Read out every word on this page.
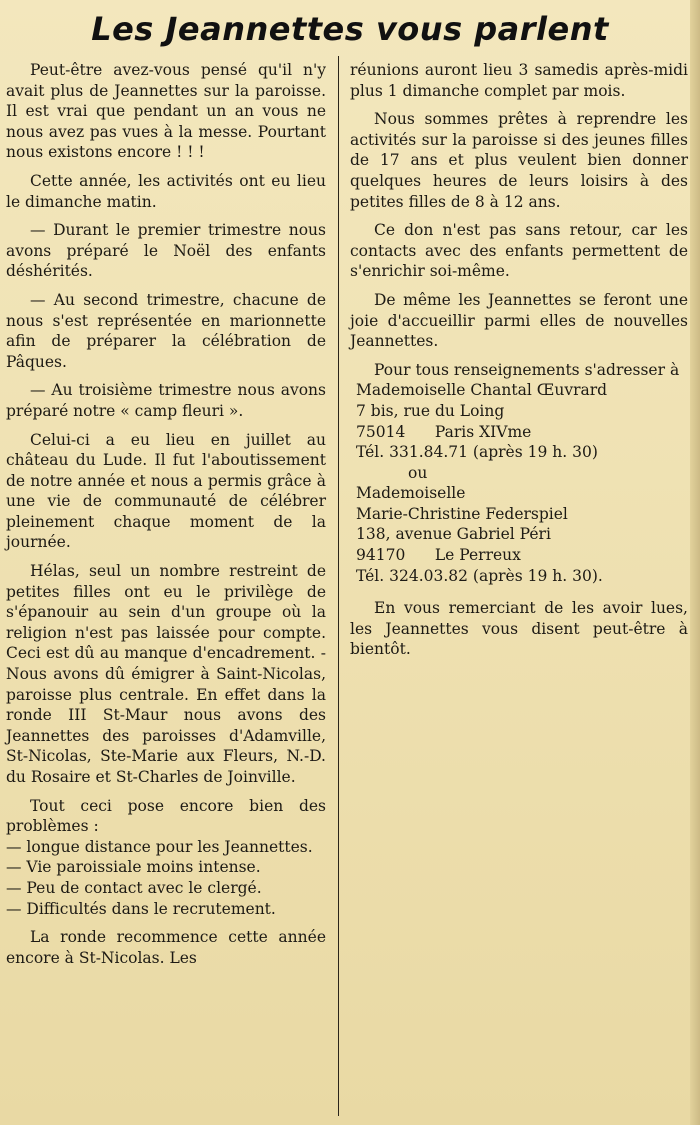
Les Jeannettes vous parlent

Peut-être avez-vous pensé qu'il n'y avait plus de Jeannettes sur la paroisse. Il est vrai que pendant un an vous ne nous avez pas vues à la messe. Pourtant nous existons encore ! ! !

Cette année, les activités ont eu lieu le dimanche matin.

— Durant le premier trimestre nous avons préparé le Noël des enfants déshérités.

— Au second trimestre, chacune de nous s'est représentée en marionnette afin de préparer la célébration de Pâques.

— Au troisième trimestre nous avons préparé notre « camp fleuri ».

Celui-ci a eu lieu en juillet au château du Lude. Il fut l'aboutissement de notre année et nous a permis grâce à une vie de communauté de célébrer pleinement chaque moment de la journée.

Hélas, seul un nombre restreint de petites filles ont eu le privilège de s'épanouir au sein d'un groupe où la religion n'est pas laissée pour compte. Ceci est dû au manque d'encadrement. - Nous avons dû émigrer à Saint-Nicolas, paroisse plus centrale. En effet dans la ronde III St-Maur nous avons des Jeannettes des paroisses d'Adamville, St-Nicolas, Ste-Marie aux Fleurs, N.-D. du Rosaire et St-Charles de Joinville.

Tout ceci pose encore bien des problèmes :

— longue distance pour les Jeannettes.
— Vie paroissiale moins intense.
— Peu de contact avec le clergé.
— Difficultés dans le recrutement.

La ronde recommence cette année encore à St-Nicolas. Les

réunions auront lieu 3 samedis après-midi plus 1 dimanche complet par mois.

Nous sommes prêtes à reprendre les activités sur la paroisse si des jeunes filles de 17 ans et plus veulent bien donner quelques heures de leurs loisirs à des petites filles de 8 à 12 ans.

Ce don n'est pas sans retour, car les contacts avec des enfants permettent de s'enrichir soi-même.

De même les Jeannettes se feront une joie d'accueillir parmi elles de nouvelles Jeannettes.

Pour tous renseignements s'adresser à

Mademoiselle Chantal Œuvrard
7 bis, rue du Loing
75014      Paris XIVme
Tél. 331.84.71 (après 19 h. 30)
ou
Mademoiselle
Marie-Christine Federspiel
138, avenue Gabriel Péri
94170      Le Perreux
Tél. 324.03.82 (après 19 h. 30).

En vous remerciant de les avoir lues, les Jeannettes vous disent peut-être à bientôt.
